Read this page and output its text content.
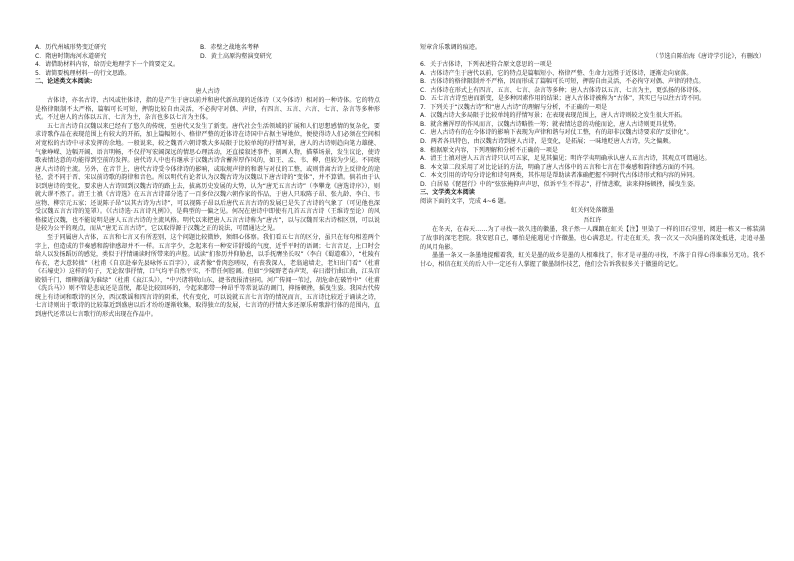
A．历代州城形势变迁研究	B．赤壁之战地名考释
C．隋唐时期海河水道研究	D．黄土高原沟壑演变研究
4．请借助材料内容，给历史地理学下一个简要定义。
5．请简要梳理材料一的行文思路。
二、论述类文本阅读:
唐人古诗
古体诗，亦名古诗、古风或往体诗，指的是产生于唐以前并和唐代新出现的近体诗（又今体诗）相对的一种诗体。它的特点是格律限制不太严格，篇幅可长可短，押韵比较自由灵活，不必拘守对偶、声律，有四言、五言、六言、七言、杂言等多种形式。不过唐人的古体以五言、七言为主，杂言也多以七言为主体。
五七言古诗自汉魏以来已经有了悠久的传统，至唐代又发生了新变。唐代社会生活领域的扩展和人们思想感情的复杂化，要求诗歌作品在表现范围上有较大的开拓，加上篇幅短小、格律严整的近体诗在诗国中占据主导地位，便使得诗人们必须在空间相对宽松的古诗中寻求发挥的余地。一般说来，较之魏晋六朝诗歌大多局限于比较单纯的抒情写景，唐人的古诗则趋向笔力雄健、气象峥嵘、边幅开阔、语言明畅，不仅抒写宏阔深远的情思心理活动，还直接叙述事件，刻画人物，描摹场景，发生议论，使诗歌表情达意的功能得到空前的发挥。唐代诗人中也有继承于汉魏古诗含蓄浑厚作风的，如王、孟、韦、柳，但较为少见。不同统唐人古诗的主流。另外，在音节上，唐代古诗受今体律诗的影响，或取规声律的和谐与对仗的工整，或则背离古诗上反律化的途径，尝不同于晋、宋以前诗歌的韵律和音色。所以明代有论者认为汉魏古诗为汉魏以下唐古诗的“变体”，并不算错。倘若由于认识到唐诗的变化，要求唐人古诗回到汉魏古诗的路上去，拔离历史发展的大势，认为“唐无五言古诗”（李攀龙《唐选诗序》），则就大谬不然了。清王士禛《古诗选》在五言古诗部分选了一百多位汉魏六朝作家的作品，于唐人只取陈子昂、张九龄、李白、韦应物、柳宗元五家；还说陈子昂“以其古诗为古诗”，可以视陈子昂以后唐代五言古诗的发展已是失了古诗的气象了（可见他也深受汉魏五言古诗的笼罩）。《《古诗选·五言诗凡例》》，是典型的一偏之见。何况在唐诗中即使有几首五言古诗（王维诗至论）的风格接近汉魏，也不能说明是唐人五言古诗的主流风格。明代以来把唐人五言古诗称为“唐古”，以与汉魏晋宋古诗相区别，可以说是较为公平的观点，而从“唐无五言古诗”，它以取得源于汉魏之正的说法，可谓通达之见。
至于同属唐人古体，五言和七言又有所差别，这个问题比较微妙，须细心体察。我们看五七言的区分，虽只在每句相差两个字上，但造成的节奏感和韵律感却并不一样。五言字少，念起来有一种安详舒缓的气度，近乎平时的语调；七言音足，上口时会给人以发扬蹈厉的感觉，类似于抒情诵读时所带来的声腔。试读“扪参历井仰胁息，以手抚膺坐长叹”（李白《蜀道难》），“杜陵有布衣，老大意转拙”（杜甫《自京赴奉先县咏怀五百字》），或者像“骨肉恣嗟叹，有丧我深人，老翁逾墙走，老妇出门看”（杜甫《石壕吏》）这样的句子，无论叙事抒情，口气均平自然平实，不带任何腔调。但如“少陵野老吞声哭，春日潜行曲江曲，江头宫殿锁千门，细柳新蒲为谁绿”（杜甫《哀江头》），“中兴诸将收山东，捷书夜报清昼同。河广传闻一苇过，胡危命在破竹中”（杜甫《洗兵马》）则不管是悲哀还是喜悦，都是比较回环的，令起来都带一种昂乎等常说话的调门，抑扬顿挫，摇曳生姿。我国古代传统上有诗词和歌诗的区分，西汉歌谣和四言诗的阴柔，代有变化，可以说就五言七言诗的情况而言，五言诗比较近于诵读之诗，七言诗则出于歌诗的比较靠近到盛唐以后才纷纷逐渐收集，取得独立的发展，七言诗的抒情大多还原乐府歌辞行体的范围内，直到唐代还常以七言歌行的形式出现在作品中。
短章含乐歌调的痕迹。
（节选自陈伯海《唐诗学引论》，有删改）
6．关于古体诗，下列表述符合原文意思的一项是
A．古体诗产生于唐代以前，它的特点是篇幅短小、格律严整、生命力远胜于近体诗，逐渐走向衰落。
B．古体诗的格律限制并不严格，因而形成了篇幅可长可短，押韵自由灵活，不必拘守对偶、声律的特点。
C．古体诗在形式上有四言、五言、七言、杂言等多种；唐人古体诗以五言、七言为主，更弘扬的体诗体。
D．五七言古诗至唐而新变，是多种因素作用的结果；唐人古体诗被称为“古体”，其实已与以往古诗不同。
7．下列关于“汉魏古诗”和“唐人古诗”的理解与分析，不正确的一项是
A．汉魏古诗大多局限于比较单纯的抒情写景；在表现表现范围上，唐人古诗则较之发生很大开拓。
B．就含蓄浑厚的作风而言，汉魏古诗略胜一筹；就表情达意的功能而论，唐人古诗则更具优势。
C．唐人古诗有的在今体诗的影响下表现为声律和谐与对仗工整，有的却非汉魏古诗要求的“反律化”。
D．两者各具特色，由汉魏古诗到唐人古诗，是变化，是拓展；一味地贬唐人古诗，失之偏颇。
8．根据原文内容，下列理解和分析不正确的一项是
A．清王士禛对唐人五言古诗只认可五家，足见其偏见；明许学夷明确承认唐人五言古诗，其观点可谓通达。
B．本文第二段采用了对比论证的方法，明确了唐人古体中的五言和七言在节奏感和韵律感方面的不同。
C．本文引用的诗句分诗论和诗句两类，其作用是帮助读者准确把握不同时代古体诗形式和内容的异同。
D．白居易《琵琶行》中的“弦弦掩抑声声思，似诉平生不得志”，抒情悲歎，读来抑扬顿挫，摇曳生姿。
三、文学类文本阅读
阅读下面的文字，完成 4~6 题。
虹关何处落徽墨
吾红许
在冬天，在春天……为了寻找一款久违的徽墨，我子然一人踝踉在虹关【注】里染了一样的旧石堂里，阅进一栋又一栋装满了故事的深宅老院。我安慰自己，哪怕是能遇见寸许徽墨，也心满意足。行走在虹关，我一次又一次向墨的深处抵进，走追寻墨的风月角影。
墨墨一条又一条墨地提醒着我，虹关是墨的故乡是墨的人根难找了，你才是寻墨的寻找，不落于自得心得谁谁另无功。我不甘心，相信在虹关的后人中一定还有人掌握了徽墨制作技艺，他们会告诉我很多关于徽墨的记忆。
